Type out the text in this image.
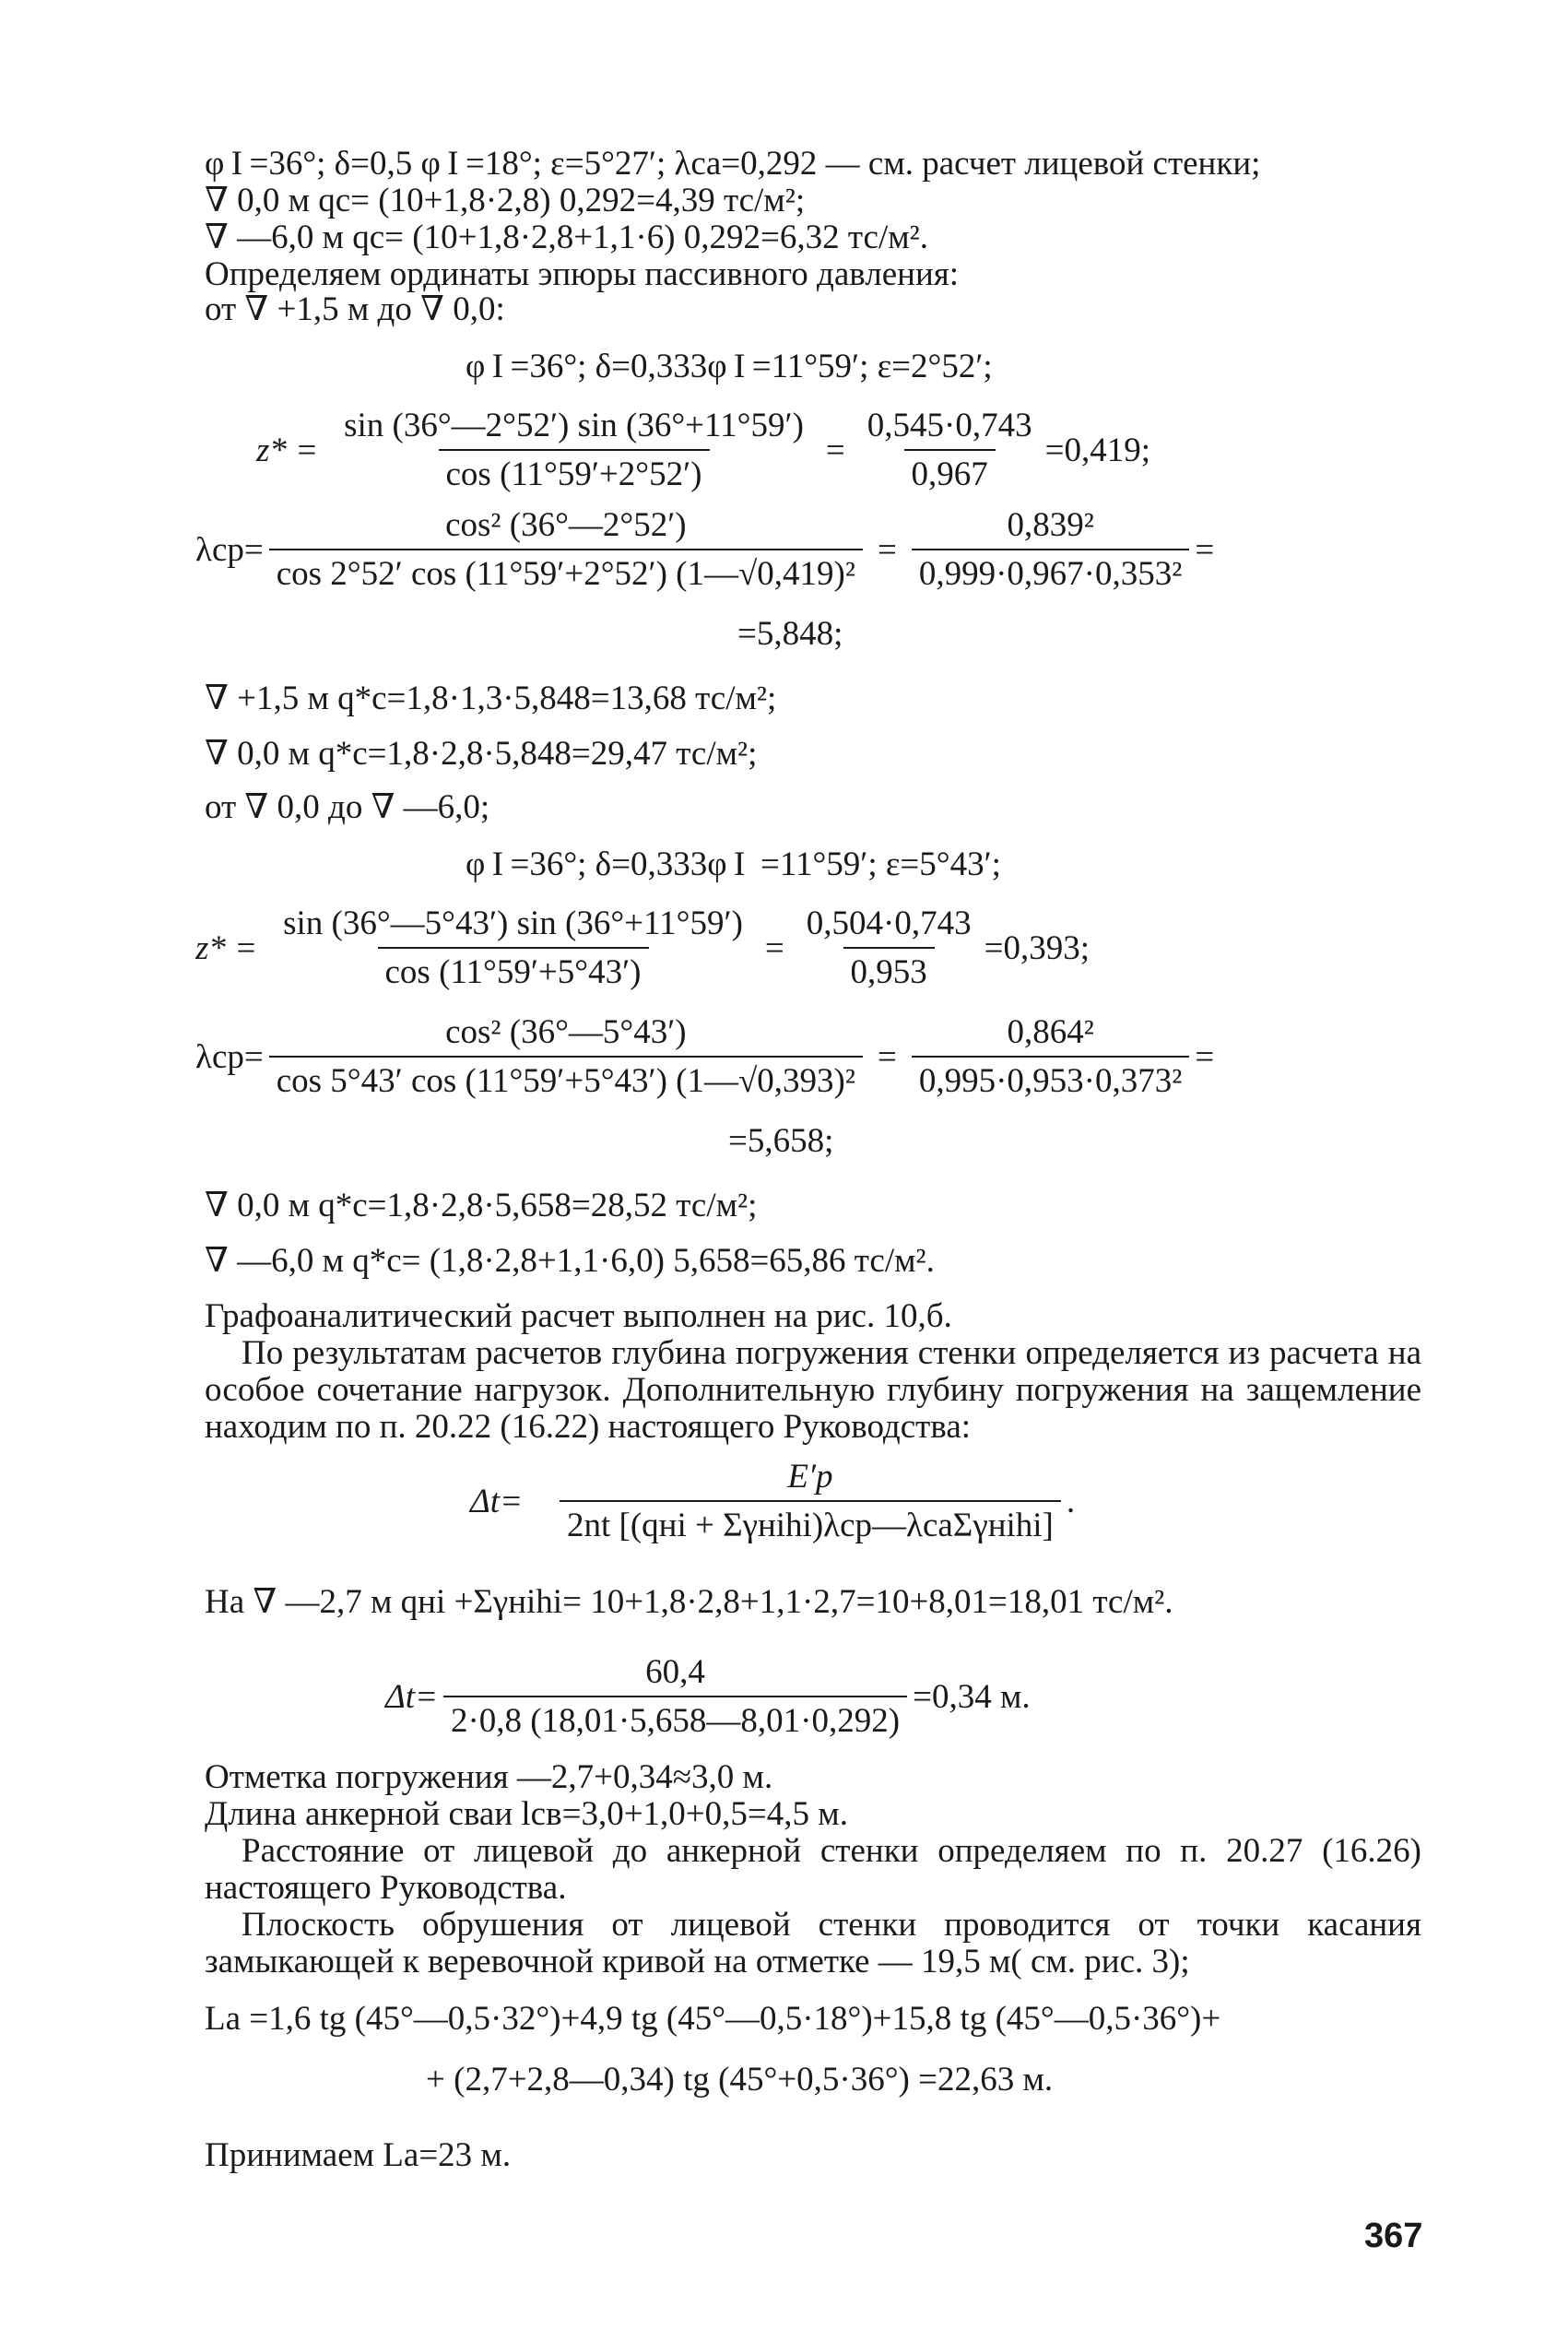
φ I =36°; δ=0,5 φ I =18°; ε=5°27′; λca=0,292 — см. расчет лицевой стенки;
∇ 0,0 м qc= (10+1,8·2,8) 0,292=4,39 тс/м²;
∇ —6,0 м qc= (10+1,8·2,8+1,1·6) 0,292=6,32 тс/м².
Определяем ординаты эпюры пассивного давления:
от ∇ +1,5 м до ∇ 0,0:
φ I =36°; δ=0,333φ I =11°59′; ε=2°52′;
$z* = \frac{\sin (36^\circ—2^\circ 52') \sin (36^\circ+11^\circ 59')}{\cos (11^\circ 59'+2^\circ 52')} = \frac{0,545\cdot 0,743}{0,967} =0,419$;
$\lambda cp= \frac{\text{cos² (36°—2°52′)}}{\text{cos 2°52′ cos (11°59′+2°52′) (1—√0,419)²}} = \frac{\text{0,839²}}{\text{0,999·0,967·0,353²}}$ =
=5,848;
∇ +1,5 м q*c=1,8·1,3·5,848=13,68 тс/м²;
∇ 0,0 м q*c=1,8·2,8·5,848=29,47 тс/м²;
от ∇ 0,0 до ∇ —6,0;
φ I =36°; δ=0,333φ I  =11°59′; ε=5°43′;
$z* = \frac{\sin (36^\circ—5^\circ 43') \sin (36^\circ+11^\circ 59')}{\cos (11^\circ 59'+5^\circ 43')} = \frac{0,504\cdot 0,743}{0,953} =0,393$;
$\lambda cp= \frac{\text{cos² (36°—5°43′)}}{\text{cos 5°43′ cos (11°59′+5°43′) (1—√0,393)²}} = \frac{\text{0,864²}}{\text{0,995·0,953·0,373²}}$ =
=5,658;
∇ 0,0 м q*c=1,8·2,8·5,658=28,52 тс/м²;
∇ —6,0 м q*c= (1,8·2,8+1,1·6,0) 5,658=65,86 тс/м².
Графоаналитический расчет выполнен на рис. 10,б.
По результатам расчетов глубина погружения стенки определяется из расчета на особое сочетание нагрузок. Дополнительную глубину погружения на защемление находим по п. 20.22 (16.22) настоящего Руководства:
$\Delta t= \frac{E'p}{\text{2nt [(qнi + Σγнihi)λcp—λcaΣγнihi]}}$ .
На ∇ —2,7 м qнi +Σγнihi= 10+1,8·2,8+1,1·2,7=10+8,01=18,01 тс/м².
$\Delta t= \frac{60,4}{2\cdot 0,8 (18,01\cdot 5,658—8,01\cdot 0,292)} =0,34$ м.
Отметка погружения —2,7+0,34≈3,0 м.
Длина анкерной сваи lсв=3,0+1,0+0,5=4,5 м.
Расстояние от лицевой до анкерной стенки определяем по п. 20.27 (16.26) настоящего Руководства.
Плоскость обрушения от лицевой стенки проводится от точки касания замыкающей к веревочной кривой на отметке — 19,5 м( см. рис. 3);
Lа =1,6 tg (45°—0,5·32°)+4,9 tg (45°—0,5·18°)+15,8 tg (45°—0,5·36°)+
+ (2,7+2,8—0,34) tg (45°+0,5·36°) =22,63 м.
Принимаем Lа=23 м.
367
